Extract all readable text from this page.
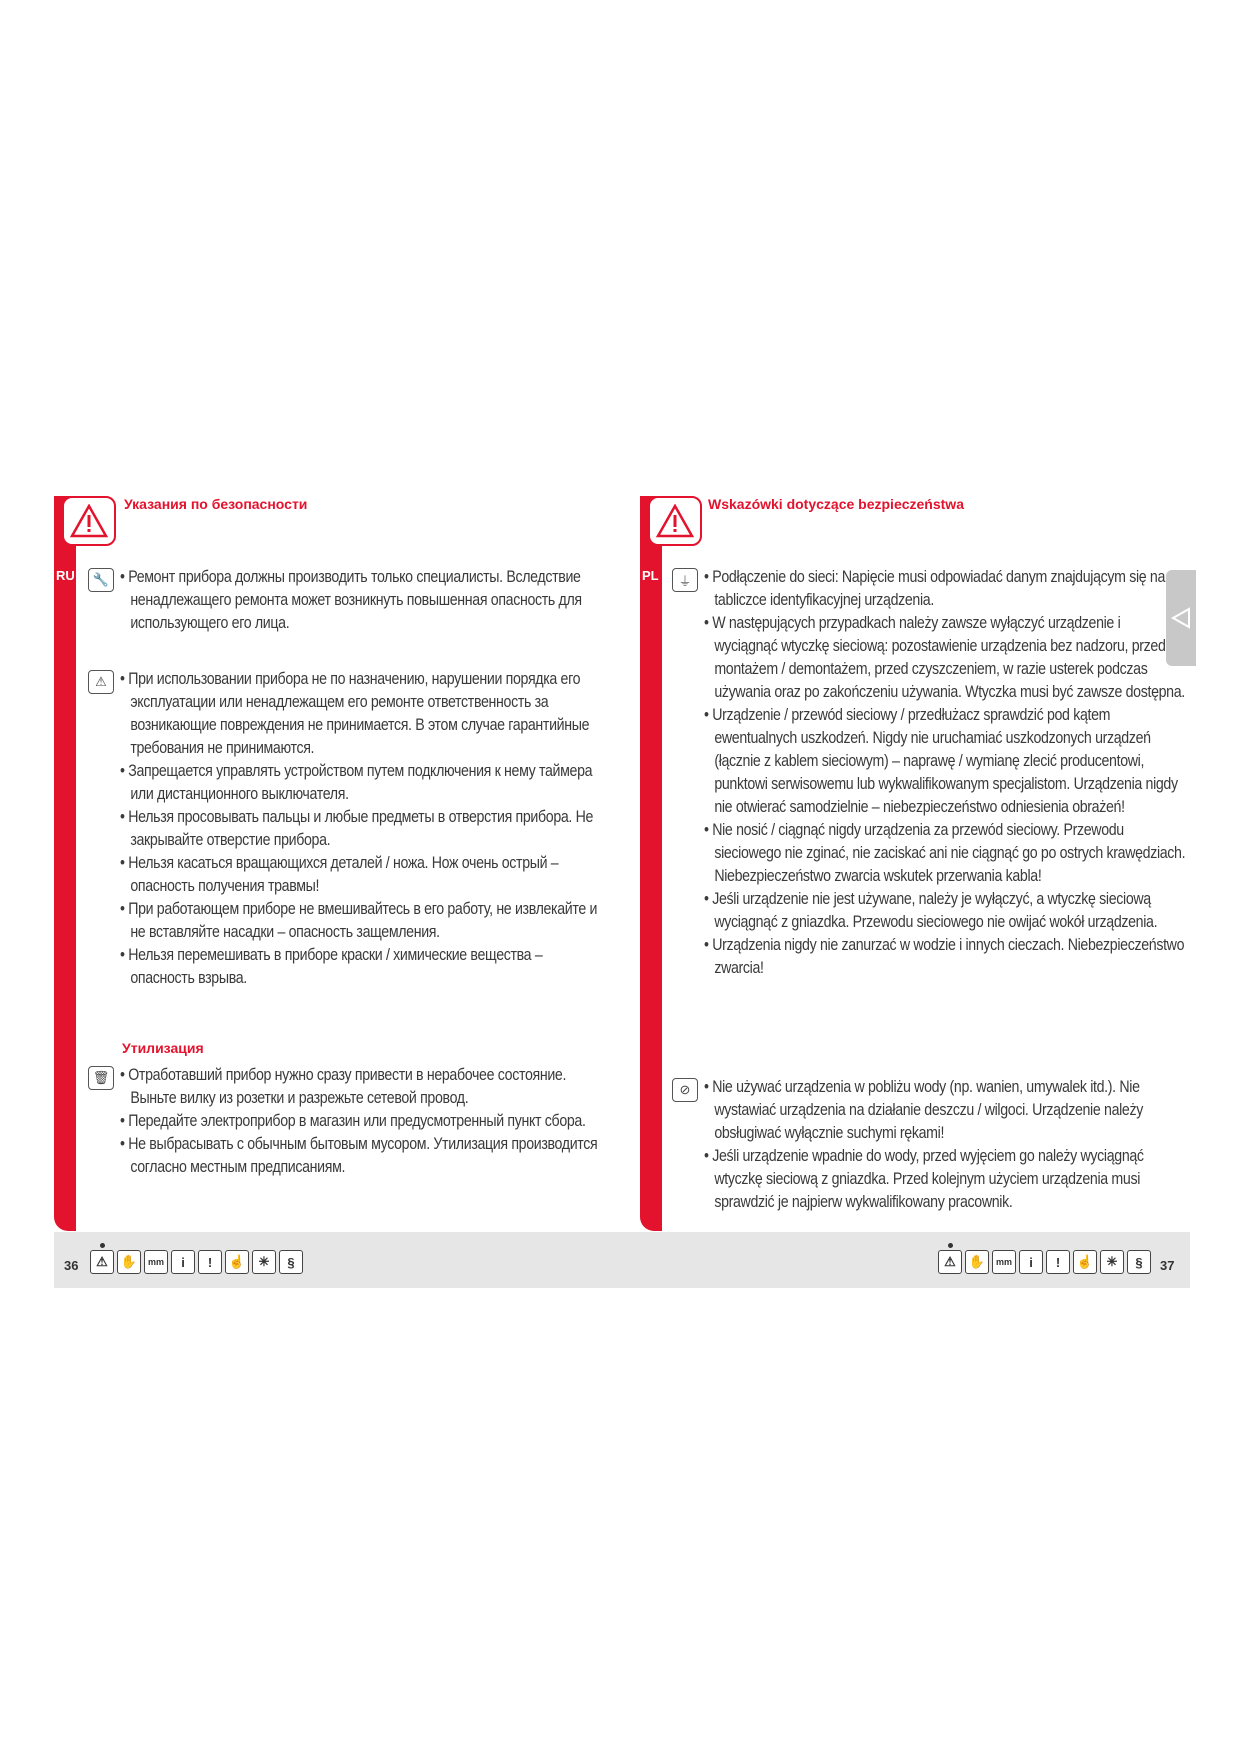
RU
Указания по безопасности
🔧	• Ремонт прибора должны производить только специалисты. Вследствие ненадлежащего ремонта может возникнуть повышенная опасность для использующего его лица.
⚠	• При использовании прибора не по назначению, нарушении порядка его эксплуатации или ненадлежащем его ремонте ответственность за возникающие повреждения не принимается. В этом случае гарантийные требования не принимаются.
• Запрещается управлять устройством путем подключения к нему таймера или дистанционного выключателя.
• Нельзя просовывать пальцы и любые предметы в отверстия прибора. Не закрывайте отверстие прибора.
• Нельзя касаться вращающихся деталей / ножа. Нож очень острый – опасность получения травмы!
• При работающем приборе не вмешивайтесь в его работу, не извлекайте и не вставляйте насадки – опасность защемления.
• Нельзя перемешивать в приборе краски / химические вещества – опасность взрыва.
Утилизация
🗑	• Отработавший прибор нужно сразу привести в нерабочее состояние. Выньте вилку из розетки и разрежьте сетевой провод.
• Передайте электроприбор в магазин или предусмотренный пункт сбора.
• Не выбрасывать с обычным бытовым мусором. Утилизация производится согласно местным предписаниям.
PL
Wskazówki dotyczące bezpieczeństwa
⏚	• Podłączenie do sieci: Napięcie musi odpowiadać danym znajdującym się na tabliczce identyfikacyjnej urządzenia.
• W następujących przypadkach należy zawsze wyłączyć urządzenie i wyciągnąć wtyczkę sieciową: pozostawienie urządzenia bez nadzoru, przed montażem / demontażem, przed czyszczeniem, w razie usterek podczas używania oraz po zakończeniu używania. Wtyczka musi być zawsze dostępna.
• Urządzenie / przewód sieciowy / przedłużacz sprawdzić pod kątem ewentualnych uszkodzeń. Nigdy nie uruchamiać uszkodzonych urządzeń (łącznie z kablem sieciowym) – naprawę / wymianę zlecić producentowi, punktowi serwisowemu lub wykwalifikowanym specjalistom. Urządzenia nigdy nie otwierać samodzielnie – niebezpieczeństwo odniesienia obrażeń!
• Nie nosić / ciągnąć nigdy urządzenia za przewód sieciowy. Przewodu sieciowego nie zginać, nie zaciskać ani nie ciągnąć go po ostrych krawędziach. Niebezpieczeństwo zwarcia wskutek przerwania kabla!
• Jeśli urządzenie nie jest używane, należy je wyłączyć, a wtyczkę sieciową wyciągnąć z gniazdka. Przewodu sieciowego nie owijać wokół urządzenia.
• Urządzenia nigdy nie zanurzać w wodzie i innych cieczach. Niebezpieczeństwo zwarcia!
⊘	• Nie używać urządzenia w pobliżu wody (np. wanien, umywalek itd.). Nie wystawiać urządzenia na działanie deszczu / wilgoci. Urządzenie należy obsługiwać wyłącznie suchymi rękami!
• Jeśli urządzenie wpadnie do wody, przed wyjęciem go należy wyciągnąć wtyczkę sieciową z gniazdka. Przed kolejnym użyciem urządzenia musi sprawdzić je najpierw wykwalifikowany pracownik.
36	⚠	✋	mm	i	!	☝	✳	§	⚠	✋	mm	i	!	☝	✳	§	37
